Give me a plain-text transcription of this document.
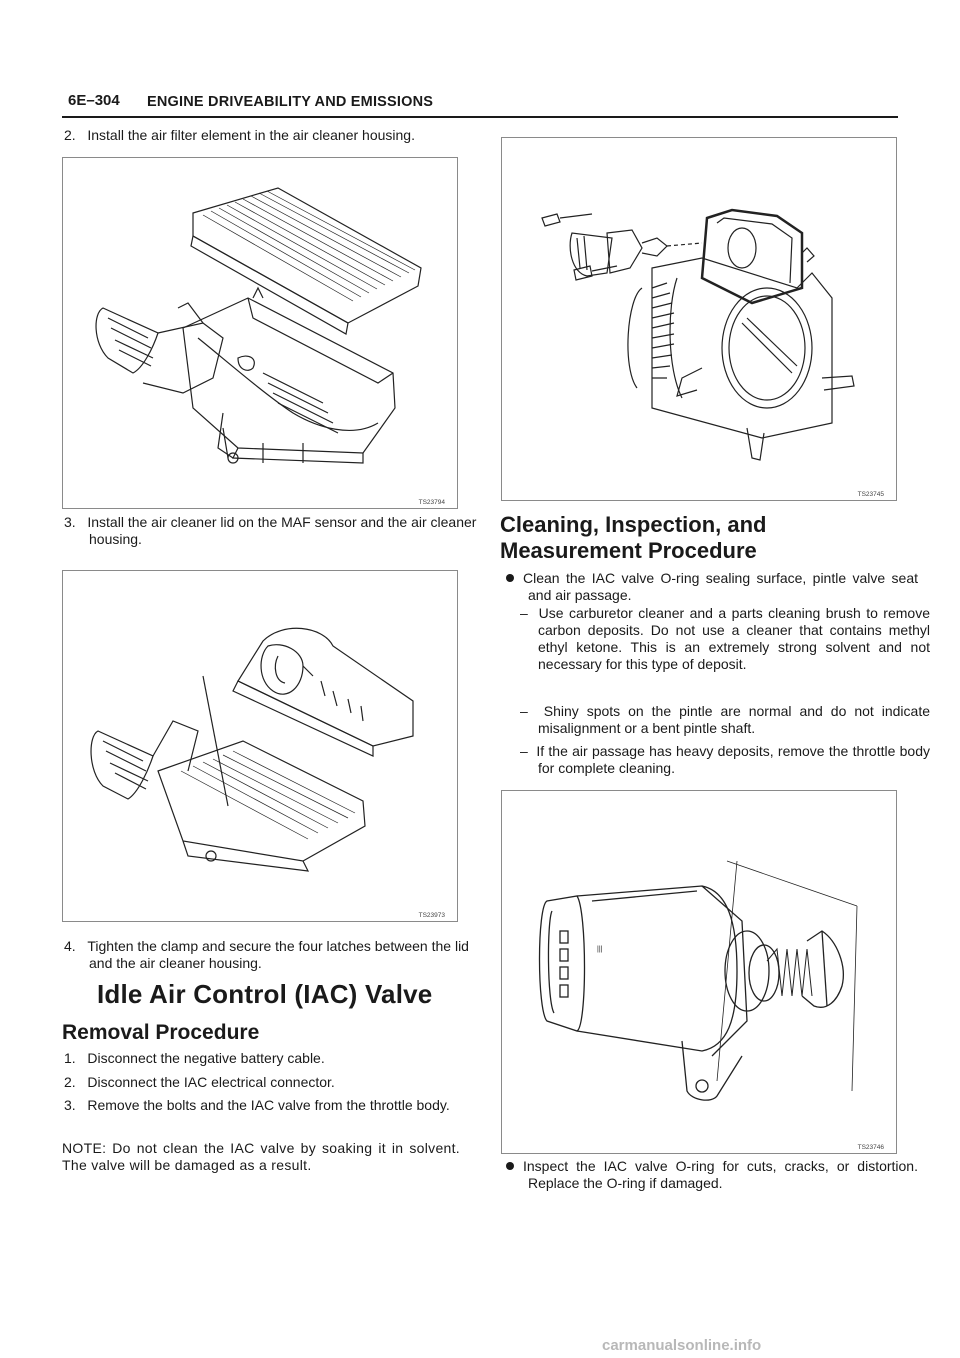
6E–304 ENGINE DRIVEABILITY AND EMISSIONS
2. Install the air filter element in the air cleaner housing.
TS23794
3. Install the air cleaner lid on the MAF sensor and the air cleaner housing.
TS23973
4. Tighten the clamp and secure the four latches between the lid and the air cleaner housing.
Idle Air Control (IAC) Valve
Removal Procedure
1. Disconnect the negative battery cable.
2. Disconnect the IAC electrical connector.
3. Remove the bolts and the IAC valve from the throttle body.
NOTE: Do not clean the IAC valve by soaking it in solvent. The valve will be damaged as a result.
TS23745
Cleaning, Inspection, and
Measurement Procedure
Clean the IAC valve O-ring sealing surface, pintle valve seat and air passage.
– Use carburetor cleaner and a parts cleaning brush to remove carbon deposits. Do not use a cleaner that contains methyl ethyl ketone. This is an extremely strong solvent and not necessary for this type of deposit.
– Shiny spots on the pintle are normal and do not indicate misalignment or a bent pintle shaft.
– If the air passage has heavy deposits, remove the throttle body for complete cleaning.
|||
TS23746
Inspect the IAC valve O-ring for cuts, cracks, or distortion. Replace the O-ring if damaged.
carmanualsonline.info
